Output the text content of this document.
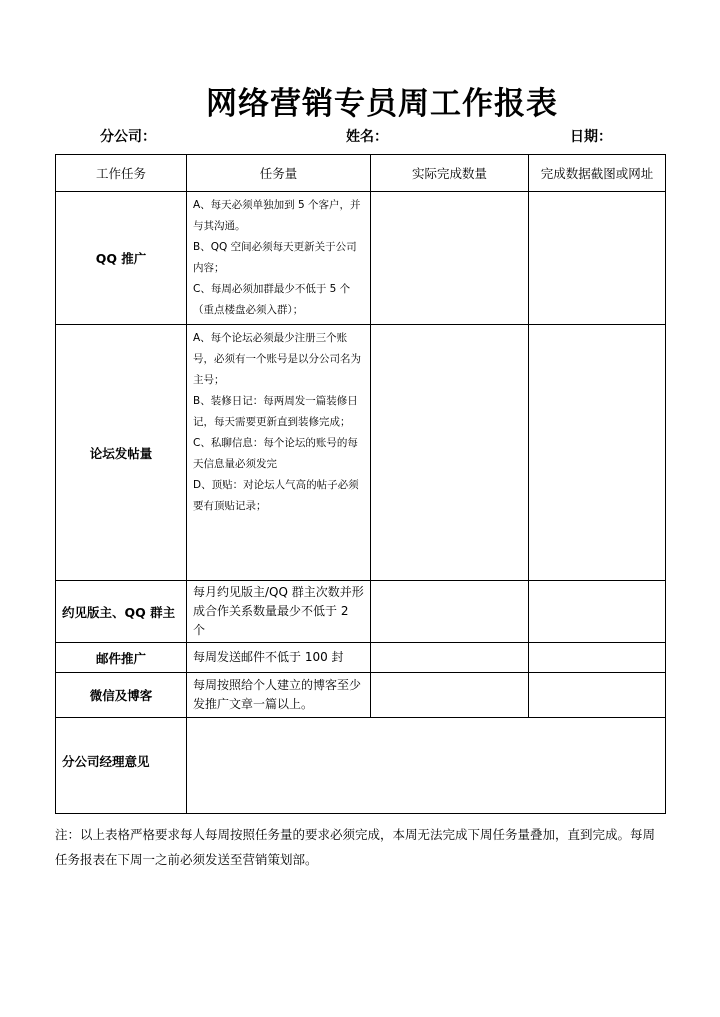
网络营销专员周工作报表
分公司：	姓名：	日期：
工作任务	任务量	实际完成数量	完成数据截图或网址
QQ 推广	A、每天必须单独加到 5 个客户，并与其沟通。
B、QQ 空间必须每天更新关于公司内容；
C、每周必须加群最少不低于 5 个（重点楼盘必须入群）；		

论坛发帖量	A、每个论坛必须最少注册三个账号，必须有一个账号是以分公司名为主号；
B、装修日记：每两周发一篇装修日记，每天需要更新直到装修完成；
C、私聊信息：每个论坛的账号的每天信息量必须发完
D、顶贴：对论坛人气高的帖子必须要有顶贴记录；		

约见版主、QQ 群主	每月约见版主/QQ 群主次数并形成合作关系数量最少不低于 2 个		
邮件推广	每周发送邮件不低于 100 封		
微信及博客	每周按照给个人建立的博客至少发推广文章一篇以上。		
分公司经理意见			
注：以上表格严格要求每人每周按照任务量的要求必须完成，本周无法完成下周任务量叠加，直到完成。每周任务报表在下周一之前必须发送至营销策划部。
